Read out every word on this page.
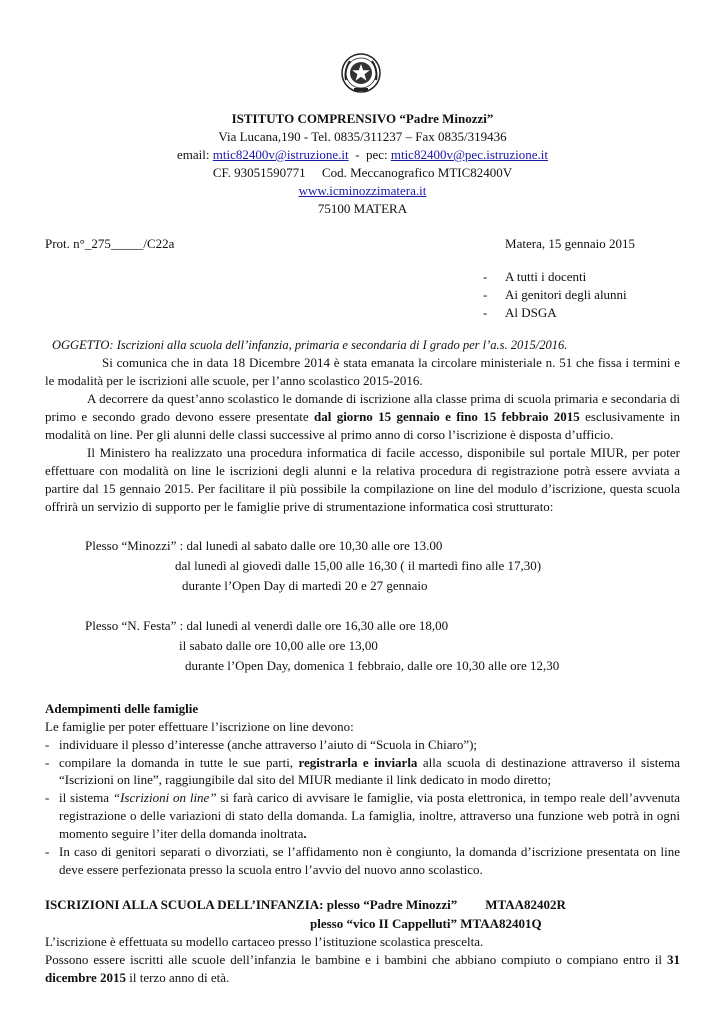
ISTITUTO COMPRENSIVO “Padre Minozzi”
Via Lucana,190 - Tel. 0835/311237 – Fax 0835/319436
email: mtic82400v@istruzione.it  -  pec: mtic82400v@pec.istruzione.it
CF. 93051590771     Cod. Meccanografico MTIC82400V
www.icminozzimatera.it
75100 MATERA
Prot. n°_275_____/C22a	Matera, 15 gennaio 2015
- A tutti i docenti
- Ai genitori degli alunni
- Al DSGA

OGGETTO: Iscrizioni alla scuola dell’infanzia, primaria e secondaria di I grado per l’a.s. 2015/2016.

Si comunica che in data 18 Dicembre 2014 è stata emanata la circolare ministeriale n. 51 che fissa i termini e le modalità per le iscrizioni alle scuole, per l’anno scolastico 2015-2016.

A decorrere da quest’anno scolastico le domande di iscrizione alla classe prima di scuola primaria e secondaria di primo e secondo grado devono essere presentate dal giorno 15 gennaio e fino 15 febbraio 2015 esclusivamente in modalità on line. Per gli alunni delle classi successive al primo anno di corso l’iscrizione è disposta d’ufficio.

Il Ministero ha realizzato una procedura informatica di facile accesso, disponibile sul portale MIUR, per poter effettuare con modalità on line le iscrizioni degli alunni e la relativa procedura di registrazione potrà essere avviata a partire dal 15 gennaio 2015. Per facilitare il più possibile la compilazione on line del modulo d’iscrizione, questa scuola offrirà un servizio di supporto per le famiglie prive di strumentazione informatica così strutturato:

Plesso “Minozzi” : dal lunedì al sabato dalle ore 10,30 alle ore 13.00
dal lunedì al giovedì dalle 15,00 alle 16,30 ( il martedì fino alle 17,30)
durante l’Open Day di martedì 20 e 27 gennaio
Plesso “N. Festa” : dal lunedì al venerdì dalle ore 16,30 alle ore 18,00
il sabato dalle ore 10,00 alle ore 13,00
durante l’Open Day, domenica 1 febbraio, dalle ore 10,30 alle ore 12,30
Adempimenti delle famiglie

Le famiglie per poter effettuare l’iscrizione on line devono:

- individuare il plesso d’interesse (anche attraverso l’aiuto di “Scuola in Chiaro”);
- compilare la domanda in tutte le sue parti, registrarla e inviarla alla scuola di destinazione attraverso il sistema “Iscrizioni on line”, raggiungibile dal sito del MIUR mediante il link dedicato in modo diretto;
- il sistema “Iscrizioni on line” si farà carico di avvisare le famiglie, via posta elettronica, in tempo reale dell’avvenuta registrazione o delle variazioni di stato della domanda. La famiglia, inoltre, attraverso una funzione web potrà in ogni momento seguire l’iter della domanda inoltrata.
- In caso di genitori separati o divorziati, se l’affidamento non è congiunto, la domanda d’iscrizione presentata on line deve essere perfezionata presso la scuola entro l’avvio del nuovo anno scolastico.
ISCRIZIONI ALLA SCUOLA DELL’INFANZIA: plesso “Padre Minozzi” MTAA82402R
plesso “vico II Cappelluti” MTAA82401Q

L’iscrizione è effettuata su modello cartaceo presso l’istituzione scolastica prescelta.

Possono essere iscritti alle scuole dell’infanzia le bambine e i bambini che abbiano compiuto o compiano entro il 31 dicembre 2015 il terzo anno di età.
